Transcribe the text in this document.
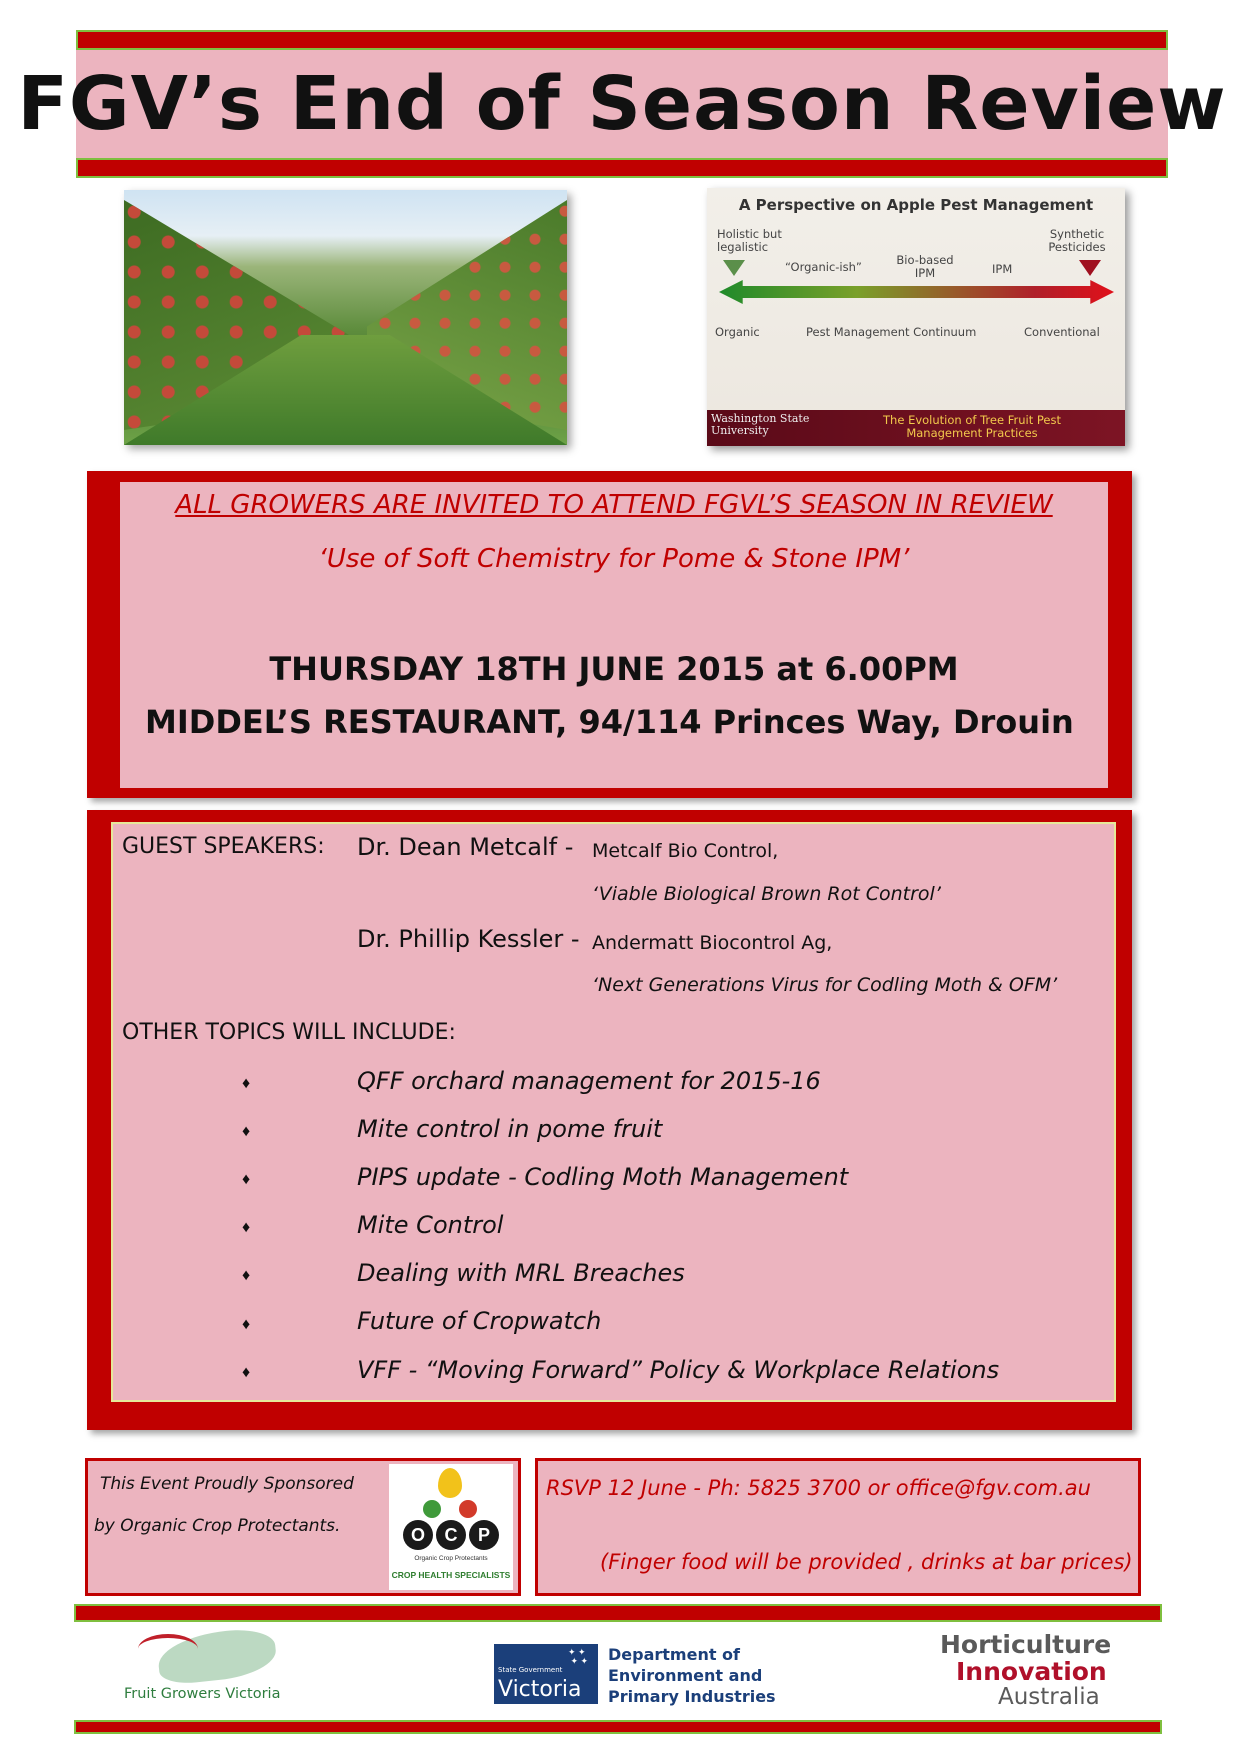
FGV’s End of Season Review
A Perspective on Apple Pest Management
Holistic but legalistic
“Organic-ish”	Bio-based IPM	IPM
Synthetic Pesticides
Organic	Pest Management Continuum	Conventional
Washington State University
The Evolution of Tree Fruit Pest Management Practices
ALL GROWERS ARE INVITED TO ATTEND FGVL’S SEASON IN REVIEW
‘Use of Soft Chemistry for Pome & Stone IPM’
THURSDAY 18TH JUNE 2015 at 6.00PM
MIDDEL’S RESTAURANT, 94/114 Princes Way, Drouin
GUEST SPEAKERS: Dr. Dean Metcalf - Metcalf Bio Control,
‘Viable Biological Brown Rot Control’
Dr. Phillip Kessler - Andermatt Biocontrol Ag,
‘Next Generations Virus for Codling Moth & OFM’
OTHER TOPICS WILL INCLUDE:
♦	QFF orchard management for 2015-16
♦	Mite control in pome fruit
♦	PIPS update - Codling Moth Management
♦	Mite Control
♦	Dealing with MRL Breaches
♦	Future of Cropwatch
♦	VFF - “Moving Forward” Policy & Workplace Relations
This Event Proudly Sponsored
by Organic Crop Protectants.	O	C	P
Organic Crop Protectants
CROP HEALTH SPECIALISTS
RSVP 12 June - Ph: 5825 3700 or office@fgv.com.au
(Finger food will be provided , drinks at bar prices)
Fruit Growers Victoria
State Government
Victoria
✦ ✦
✦ ✦ Department of
Environment and
Primary Industries
Horticulture
Innovation
Australia
